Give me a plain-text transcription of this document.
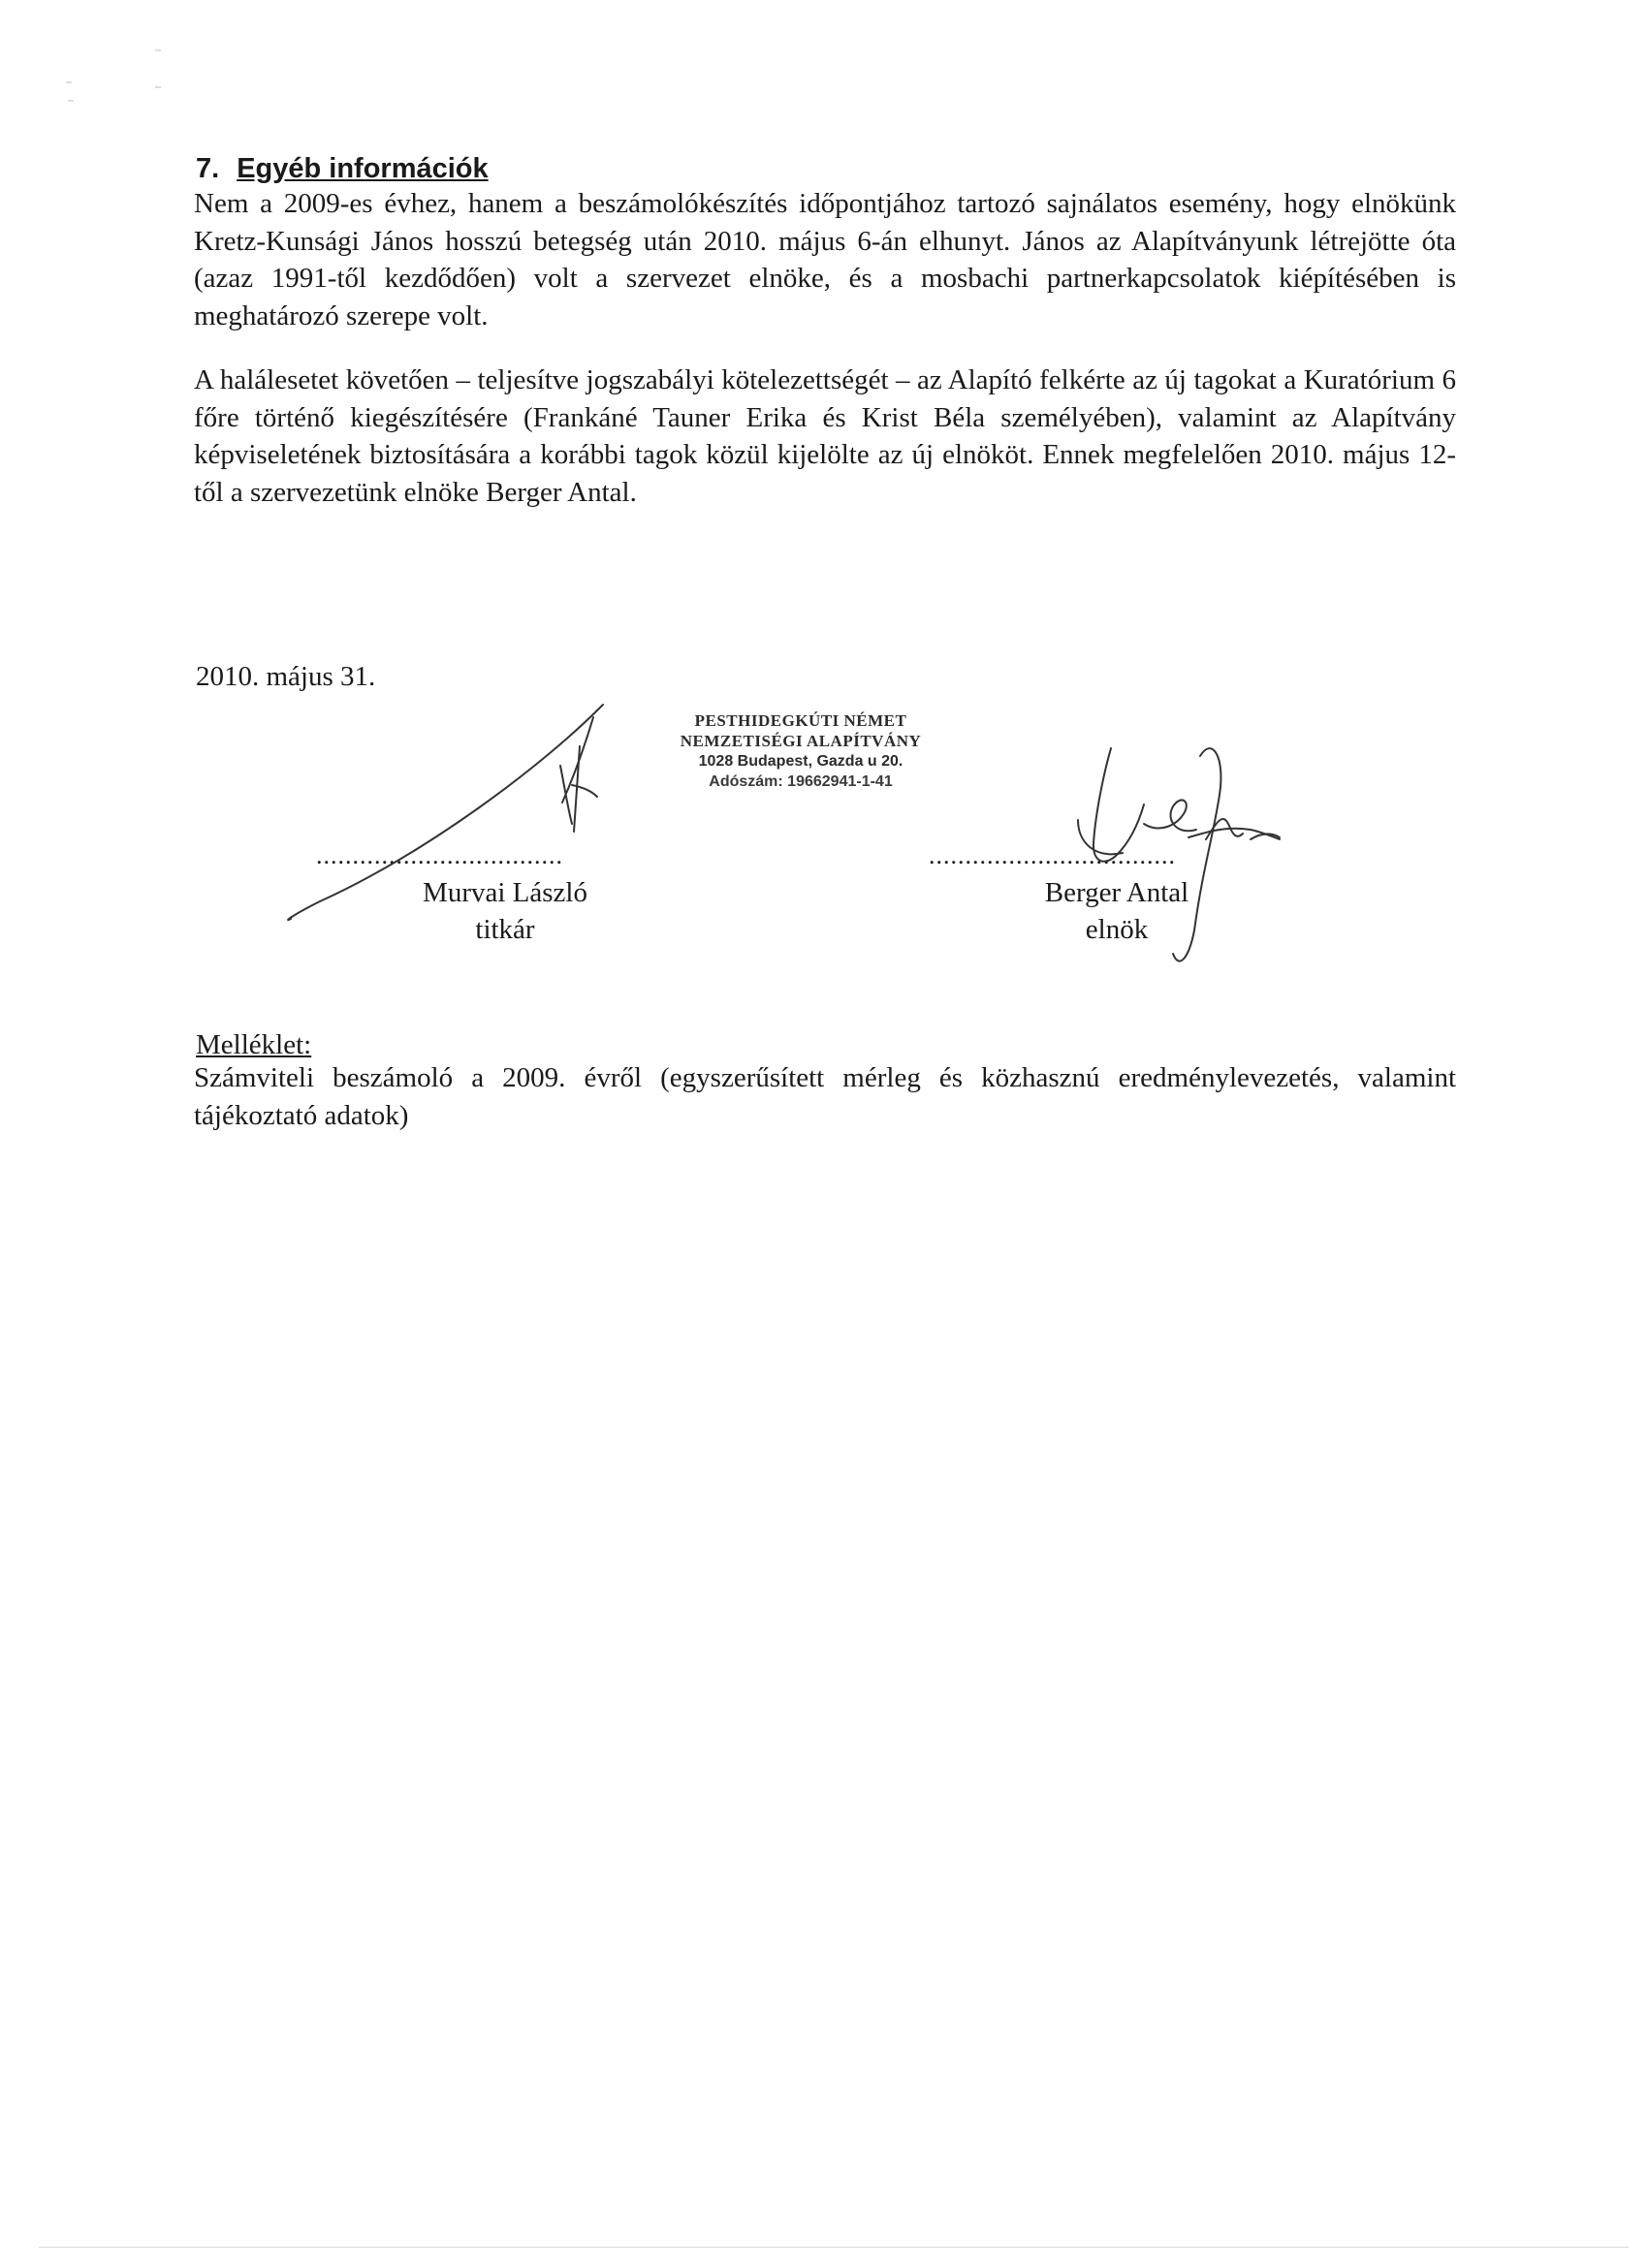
7. Egyéb információk

Nem a 2009-es évhez, hanem a beszámolókészítés időpontjához tartozó sajnálatos esemény, hogy elnökünk Kretz-Kunsági János hosszú betegség után 2010. május 6-án elhunyt. János az Alapítványunk létrejötte óta (azaz 1991-től kezdődően) volt a szervezet elnöke, és a mosbachi partnerkapcsolatok kiépítésében is meghatározó szerepe volt.

A halálesetet követően – teljesítve jogszabályi kötelezettségét – az Alapító felkérte az új tagokat a Kuratórium 6 főre történő kiegészítésére (Frankáné Tauner Erika és Krist Béla személyében), valamint az Alapítvány képviseletének biztosítására a korábbi tagok közül kijelölte az új elnököt. Ennek megfelelően 2010. május 12-től a szervezetünk elnöke Berger Antal.

2010. május 31.

PESTHIDEGKÚTI NÉMET
NEMZETISÉGI ALAPÍTVÁNY
1028 Budapest, Gazda u 20.
Adószám: 19662941-1-41

..................................	..................................

Murvai László
titkár
Berger Antal
elnök

Melléklet:

Számviteli beszámoló a 2009. évről (egyszerűsített mérleg és közhasznú eredménylevezetés, valamint tájékoztató adatok)
